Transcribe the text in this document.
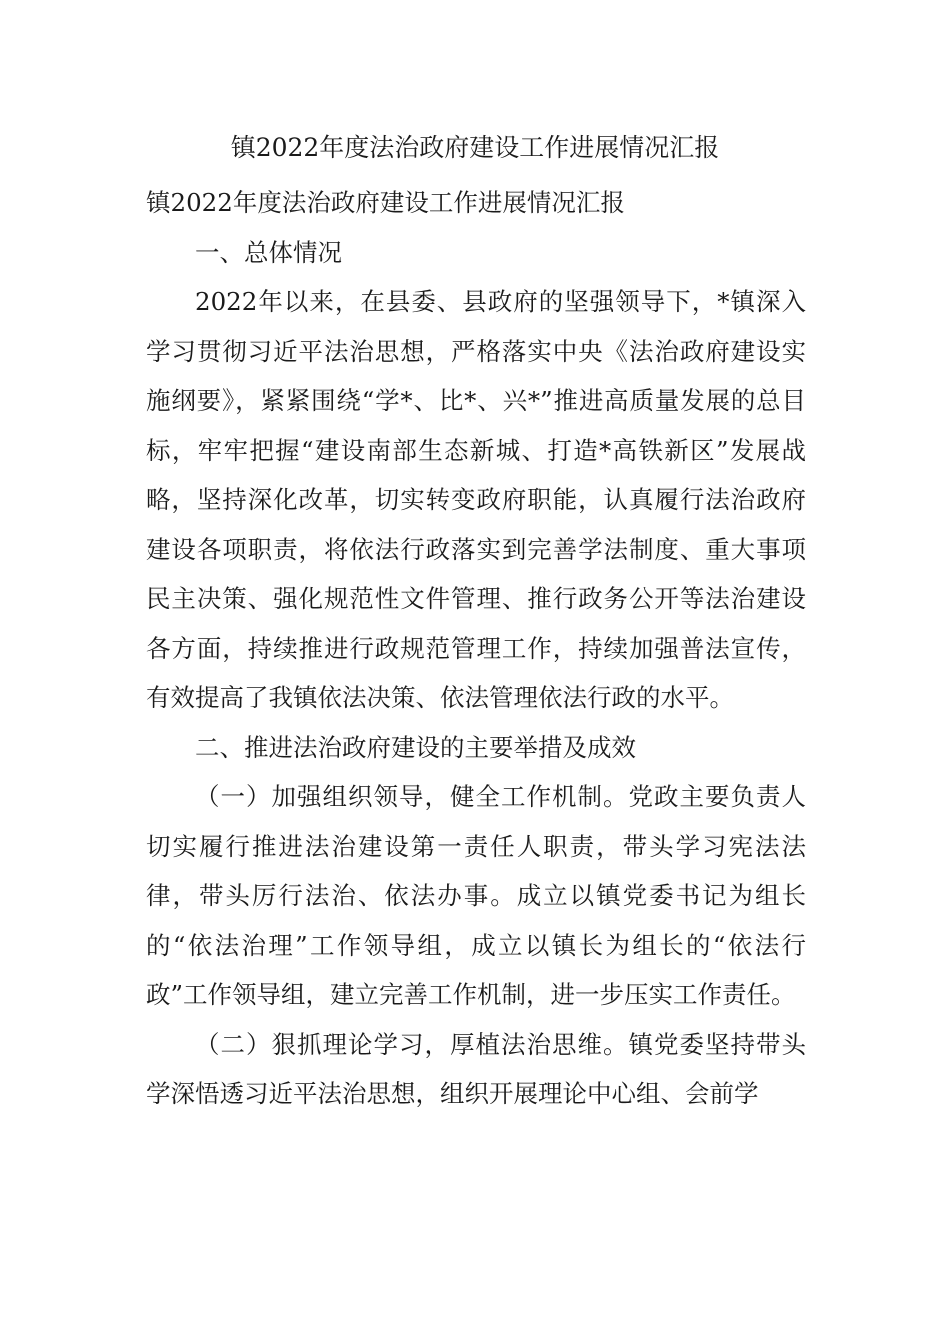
镇2022年度法治政府建设工作进展情况汇报

镇2022年度法治政府建设工作进展情况汇报

一、总体情况

2022年以来，在县委、县政府的坚强领导下，*镇深入学习贯彻习近平法治思想，严格落实中央《法治政府建设实施纲要》，紧紧围绕“学*、比*、兴*”推进高质量发展的总目标，牢牢把握“建设南部生态新城、打造*高铁新区”发展战略，坚持深化改革，切实转变政府职能，认真履行法治政府建设各项职责，将依法行政落实到完善学法制度、重大事项民主决策、强化规范性文件管理、推行政务公开等法治建设各方面，持续推进行政规范管理工作，持续加强普法宣传，有效提高了我镇依法决策、依法管理依法行政的水平。

二、推进法治政府建设的主要举措及成效

（一）加强组织领导，健全工作机制。党政主要负责人切实履行推进法治建设第一责任人职责，带头学习宪法法律，带头厉行法治、依法办事。成立以镇党委书记为组长的“依法治理”工作领导组，成立以镇长为组长的“依法行政”工作领导组，建立完善工作机制，进一步压实工作责任。

（二）狠抓理论学习，厚植法治思维。镇党委坚持带头学深悟透习近平法治思想，组织开展理论中心组、会前学
